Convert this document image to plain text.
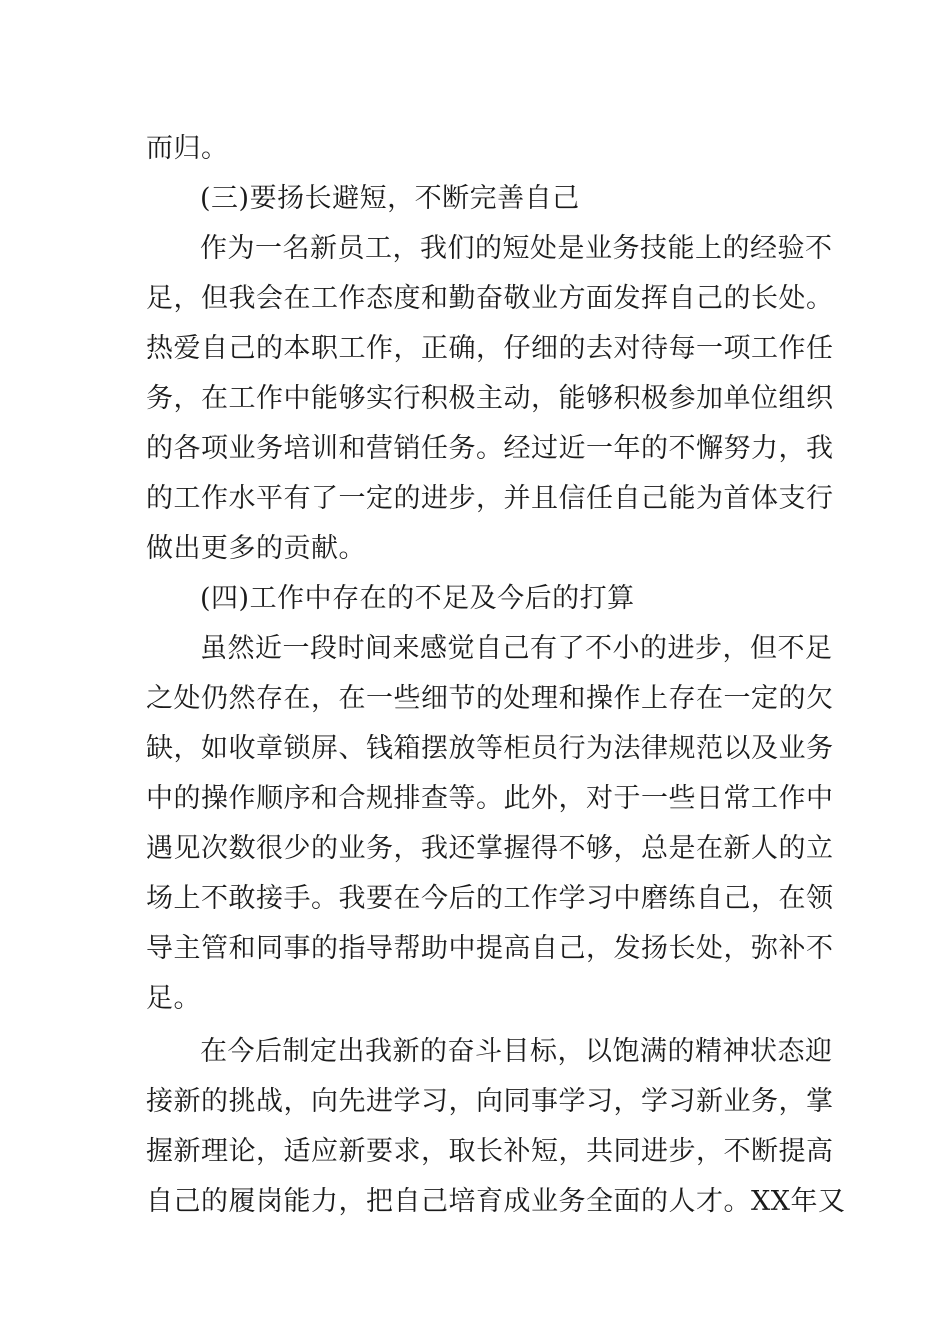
而归。
(三)要扬长避短，不断完善自己
作为一名新员工，我们的短处是业务技能上的经验不
足，但我会在工作态度和勤奋敬业方面发挥自己的长处。
热爱自己的本职工作，正确，仔细的去对待每一项工作任
务，在工作中能够实行积极主动，能够积极参加单位组织
的各项业务培训和营销任务。经过近一年的不懈努力，我
的工作水平有了一定的进步，并且信任自己能为首体支行
做出更多的贡献。
(四)工作中存在的不足及今后的打算
虽然近一段时间来感觉自己有了不小的进步，但不足
之处仍然存在，在一些细节的处理和操作上存在一定的欠
缺，如收章锁屏、钱箱摆放等柜员行为法律规范以及业务
中的操作顺序和合规排查等。此外，对于一些日常工作中
遇见次数很少的业务，我还掌握得不够，总是在新人的立
场上不敢接手。我要在今后的工作学习中磨练自己，在领
导主管和同事的指导帮助中提高自己，发扬长处，弥补不
足。
在今后制定出我新的奋斗目标，以饱满的精神状态迎
接新的挑战，向先进学习，向同事学习，学习新业务，掌
握新理论，适应新要求，取长补短，共同进步，不断提高
自己的履岗能力，把自己培育成业务全面的人才。XX年又
